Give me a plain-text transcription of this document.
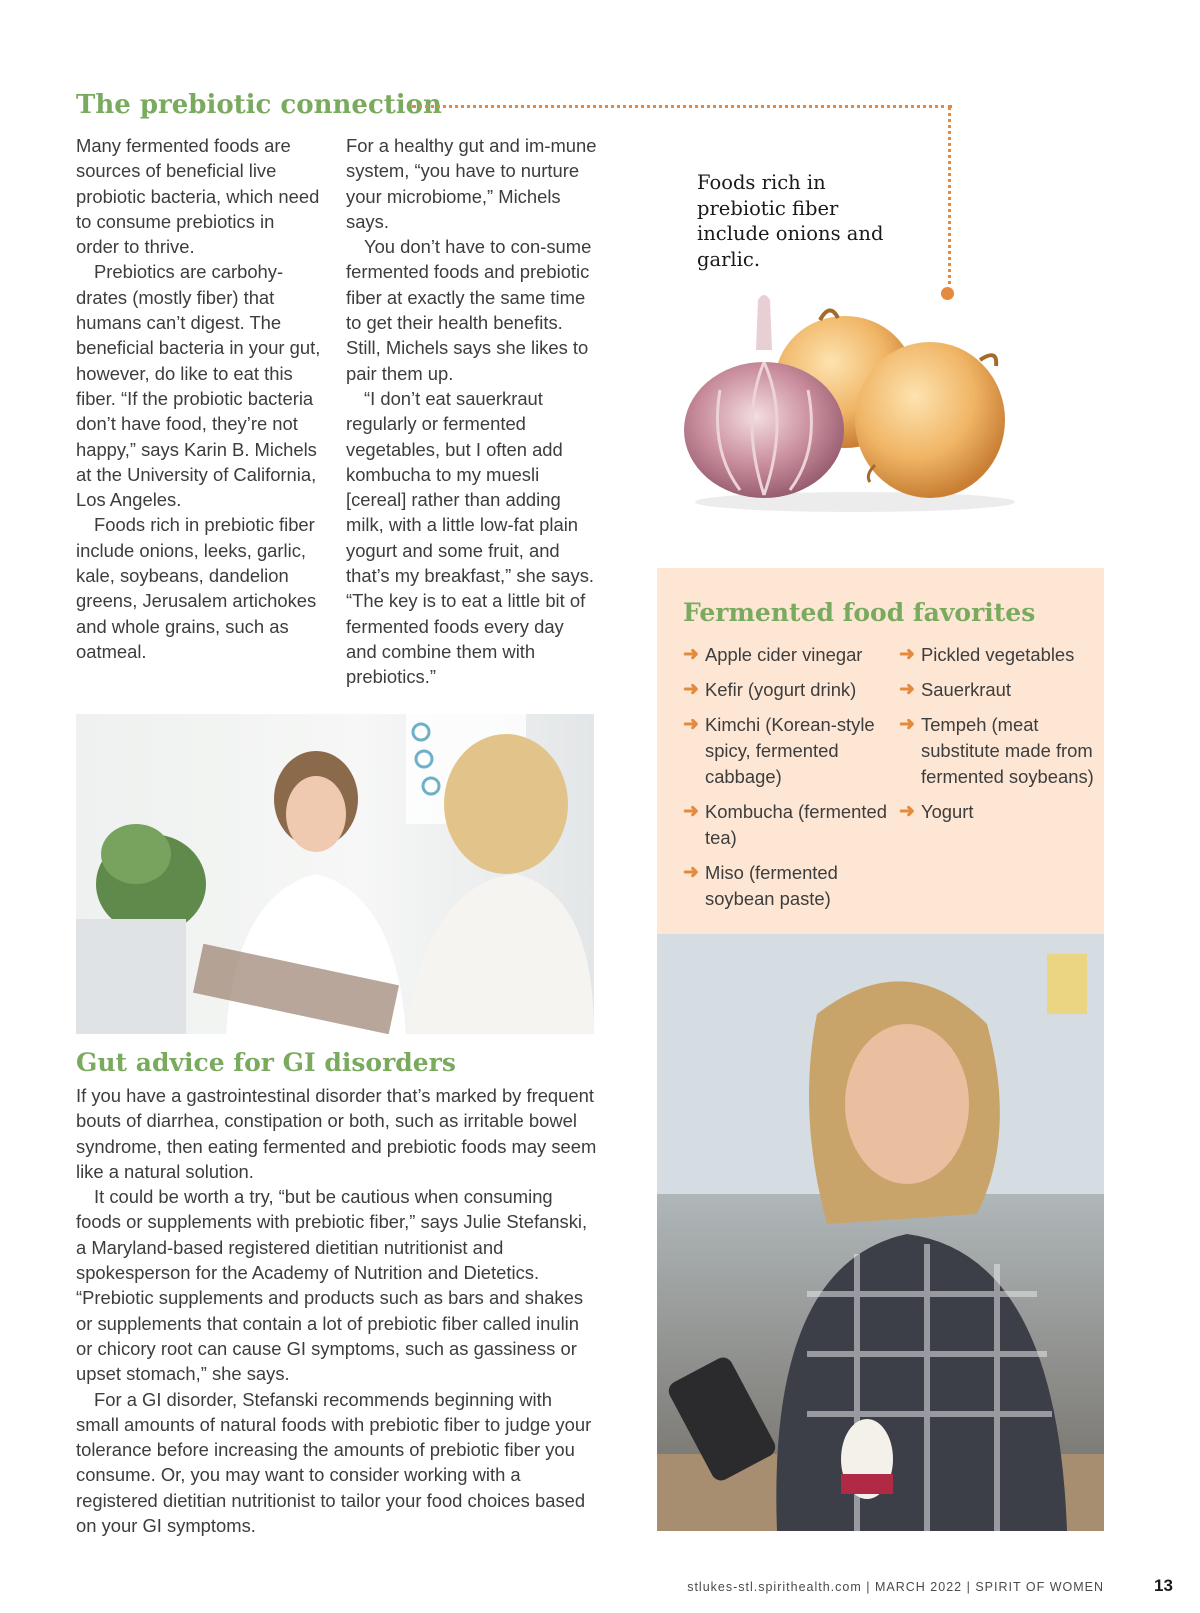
The prebiotic connection

Many fermented foods are sources of beneficial live probiotic bacteria, which need to consume prebiotics in order to thrive.

Prebiotics are carbohy-drates (mostly fiber) that humans can’t digest. The beneficial bacteria in your gut, however, do like to eat this fiber. “If the probiotic bacteria don’t have food, they’re not happy,” says Karin B. Michels at the University of California, Los Angeles.

Foods rich in prebiotic fiber include onions, leeks, garlic, kale, soybeans, dandelion greens, Jerusalem artichokes and whole grains, such as oatmeal.

For a healthy gut and im-mune system, “you have to nurture your microbiome,” Michels says.

You don’t have to con-sume fermented foods and prebiotic fiber at exactly the same time to get their health benefits. Still, Michels says she likes to pair them up.

“I don’t eat sauerkraut regularly or fermented vegetables, but I often add kombucha to my muesli [cereal] rather than adding milk, with a little low-fat plain yogurt and some fruit, and that’s my breakfast,” she says. “The key is to eat a little bit of fermented foods every day and combine them with prebiotics.”

Foods rich in prebiotic fiber include onions and garlic.
Fermented food favorites
➜ Apple cider vinegar
➜ Kefir (yogurt drink)
➜ Kimchi (Korean-style spicy, fermented cabbage)
➜ Kombucha (fermented tea)
➜ Miso (fermented soybean paste)
➜ Pickled vegetables
➜ Sauerkraut
➜ Tempeh (meat substitute made from fermented soybeans)
➜ Yogurt
Gut advice for GI disorders

If you have a gastrointestinal disorder that’s marked by frequent bouts of diarrhea, constipation or both, such as irritable bowel syndrome, then eating fermented and prebiotic foods may seem like a natural solution.

It could be worth a try, “but be cautious when consuming foods or supplements with prebiotic fiber,” says Julie Stefanski, a Maryland-based registered dietitian nutritionist and spokesperson for the Academy of Nutrition and Dietetics. “Prebiotic supplements and products such as bars and shakes or supplements that contain a lot of prebiotic fiber called inulin or chicory root can cause GI symptoms, such as gassiness or upset stomach,” she says.

For a GI disorder, Stefanski recommends beginning with small amounts of natural foods with prebiotic fiber to judge your tolerance before increasing the amounts of prebiotic fiber you consume. Or, you may want to consider working with a registered dietitian nutritionist to tailor your food choices based on your GI symptoms.

stlukes-stl.spirithealth.com | MARCH 2022 | SPIRIT OF WOMEN	13
